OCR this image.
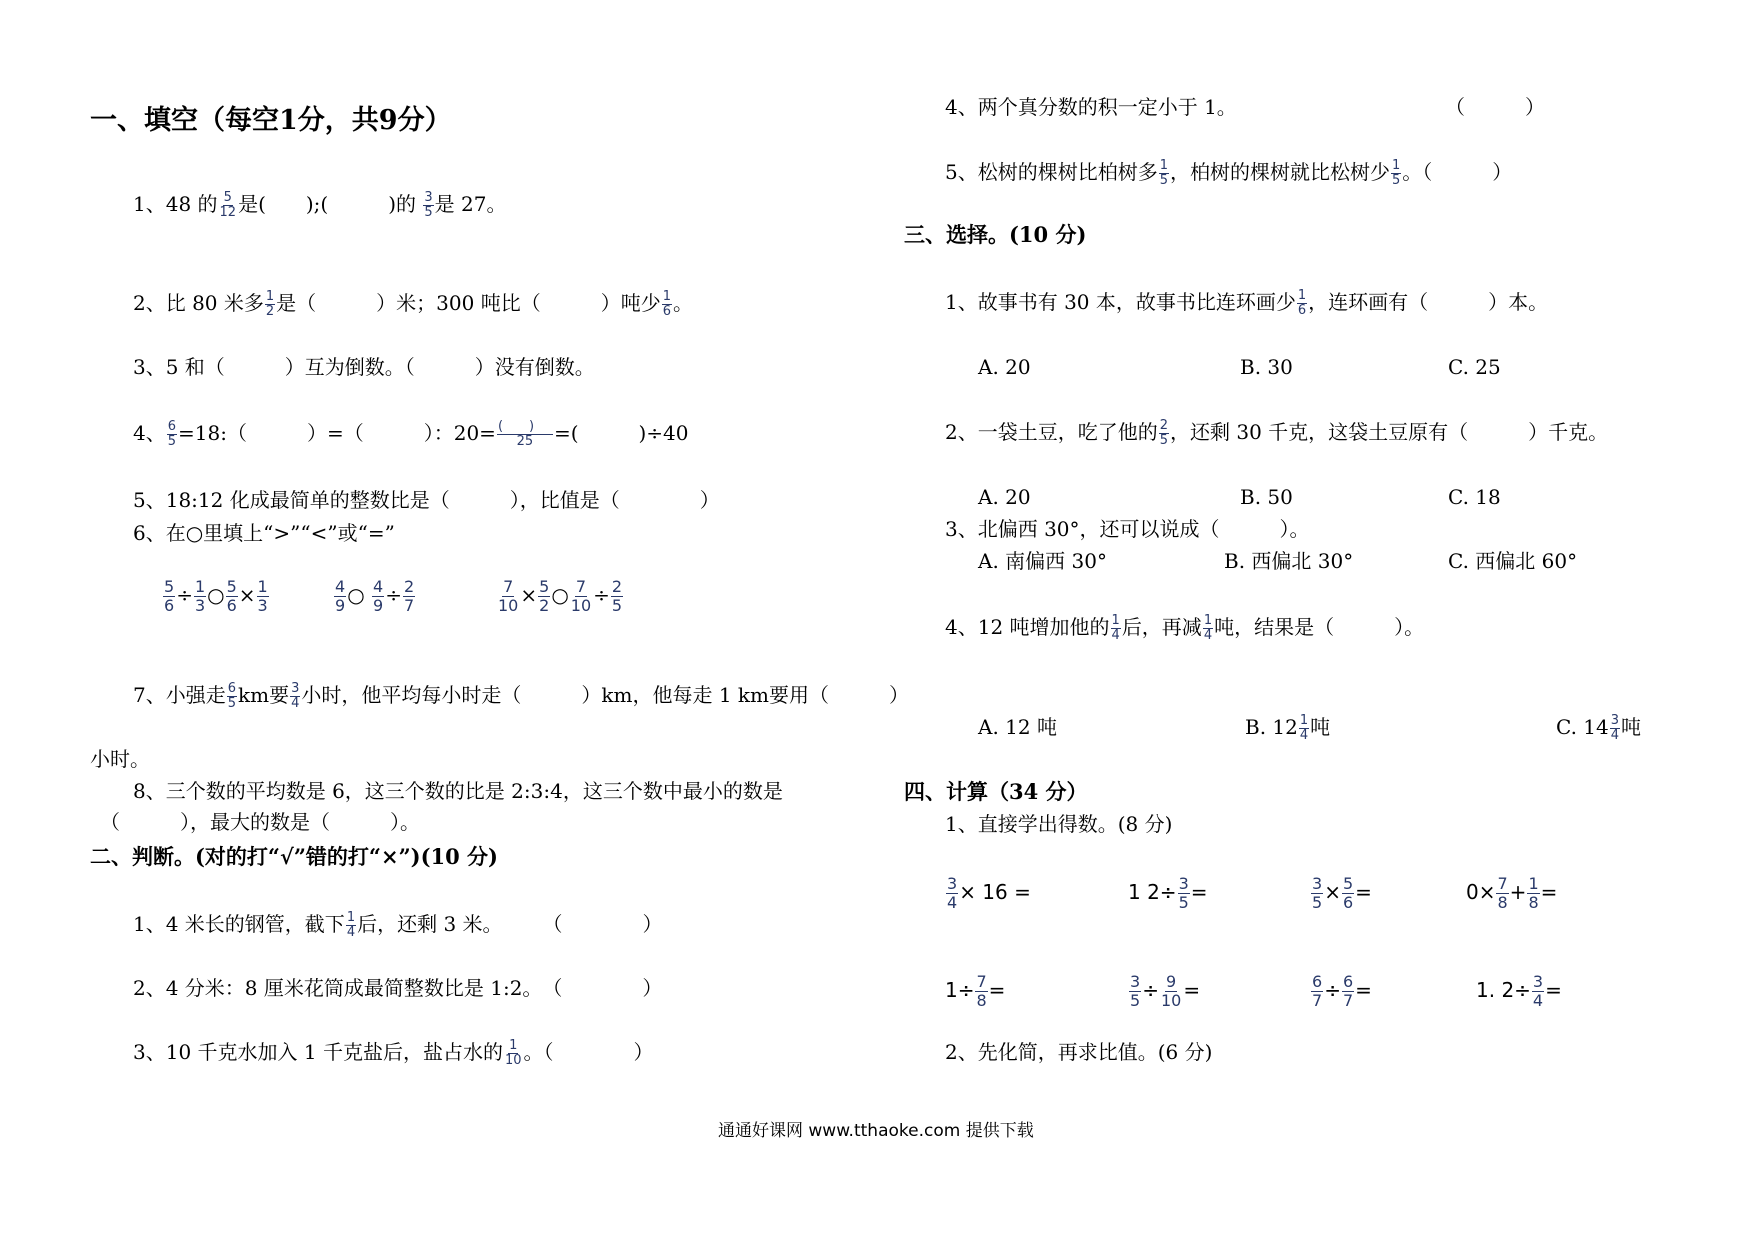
一、填空（每空1分，共9分）
1、48 的 $\frac{5}{12}$ 是(　　);(　　　)的 $\frac{3}{5}$ 是 27。
2、比 80 米多 $\frac{1}{2}$ 是（　　　）米；300 吨比（　　　）吨少 $\frac{1}{6}$ 。
3、5 和（　　　）互为倒数。（　　　）没有倒数。
4、 $\frac{6}{5}$ =18:（　　　）=（　　　）：20= (　　)
25	=(　　　)÷40
5、18:12 化成最简单的整数比是（　　　），比值是（　　　　）
6、在○里填上“>”“<”或“=”
$\frac{5}{6} \div \frac{1}{3}$ ○ $\frac{5}{6} \times \frac{1}{3}$	$\frac{4}{9}$ ○ $\frac{4}{9} \div \frac{2}{7}$	$\frac{7}{10} \times \frac{5}{2}$ ○ $\frac{7}{10} \div \frac{2}{5}$
7、小强走 $\frac{6}{5}$ km要 $\frac{3}{4}$ 小时，他平均每小时走（　　　）km，他每走 1 km要用（　　　）
小时。
8、三个数的平均数是 6，这三个数的比是 2:3:4，这三个数中最小的数是
（　　　），最大的数是（　　　）。
二、判断。(对的打“√”错的打“×”)(10 分)
1、4 米长的钢管，截下 $\frac{1}{4}$ 后，还剩 3 米。　　　（　　　　）
2、4 分米：8 厘米花筒成最简整数比是 1:2。　（　　　　）
3、10 千克水加入 1 千克盐后，盐占水的 $\frac{1}{10}$ 。（　　　　）
4、两个真分数的积一定小于 1。	（　　　）
5、松树的棵树比柏树多 $\frac{1}{5}$ ，柏树的棵树就比松树少 $\frac{1}{5}$ 。（　　　）
三、选择。(10 分)
1、故事书有 30 本，故事书比连环画少 $\frac{1}{6}$ ，连环画有（　　　）本。
A. 20	B. 30	C. 25
2、一袋土豆，吃了他的 $\frac{2}{5}$ ，还剩 30 千克，这袋土豆原有（　　　）千克。
A. 20	B. 50	C. 18
3、北偏西 30°，还可以说成（　　　）。
A. 南偏西 30°	B. 西偏北 30°	C. 西偏北 60°
4、12 吨增加他的 $\frac{1}{4}$ 后，再减 $\frac{1}{4}$ 吨，结果是（　　　）。
A. 12 吨	B. $12 \frac{1}{4}$ 吨	C. $14 \frac{3}{4}$ 吨
四、计算（34 分）
1、直接学出得数。(8 分)
$\frac{3}{4} \times 16$ =	1 $2\div \frac{3}{5}$ =	$\frac{3}{5} \times \frac{5}{6}$ =	$0\times \frac{7}{8} + \frac{1}{8}$ =
$1\div \frac{7}{8}$ =	$\frac{3}{5} \div \frac{9}{10}$ =	$\frac{6}{7} \div \frac{6}{7}$ =	1. $2\div \frac{3}{4}$ =
2、先化简，再求比值。(6 分)
通通好课网 www.tthaoke.com 提供下载
